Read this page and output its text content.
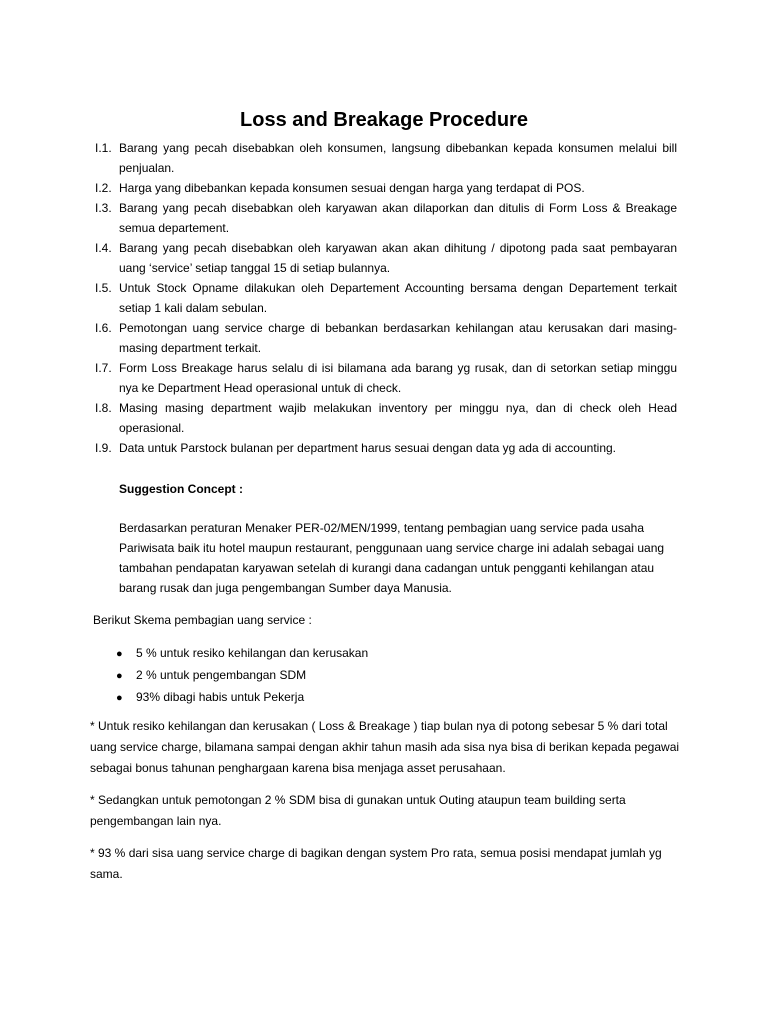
Loss and Breakage Procedure
I.1. Barang yang pecah disebabkan oleh konsumen, langsung dibebankan kepada konsumen melalui bill penjualan.
I.2. Harga yang dibebankan kepada konsumen sesuai dengan harga yang terdapat di POS.
I.3. Barang yang pecah disebabkan oleh karyawan akan dilaporkan dan ditulis di Form Loss & Breakage semua departement.
I.4. Barang yang pecah disebabkan oleh karyawan akan akan dihitung / dipotong pada saat pembayaran uang ‘service’ setiap tanggal 15 di setiap bulannya.
I.5. Untuk Stock Opname dilakukan oleh Departement Accounting bersama dengan Departement terkait setiap 1 kali dalam sebulan.
I.6. Pemotongan uang service charge di bebankan berdasarkan kehilangan atau kerusakan dari masing-masing department terkait.
I.7. Form Loss Breakage harus selalu di isi bilamana ada barang yg rusak, dan di setorkan setiap minggu nya ke Department Head operasional untuk di check.
I.8. Masing masing department wajib melakukan inventory per minggu nya, dan di check oleh Head operasional.
I.9. Data untuk Parstock bulanan per department harus sesuai dengan data yg ada di accounting.
Suggestion Concept :

Berdasarkan peraturan Menaker PER-02/MEN/1999, tentang pembagian uang service pada usaha Pariwisata baik itu hotel maupun restaurant, penggunaan uang service charge ini adalah sebagai uang tambahan pendapatan karyawan setelah di kurangi dana cadangan untuk pengganti kehilangan atau barang rusak dan juga pengembangan Sumber daya Manusia.

Berikut Skema pembagian uang service :
●	5 % untuk resiko kehilangan dan kerusakan
●	2 % untuk pengembangan SDM
●	93% dibagi habis untuk Pekerja

* Untuk resiko kehilangan dan kerusakan ( Loss & Breakage ) tiap bulan nya di potong sebesar 5 % dari total uang service charge, bilamana sampai dengan akhir tahun masih ada sisa nya bisa di berikan kepada pegawai sebagai bonus tahunan penghargaan karena bisa menjaga asset perusahaan.

* Sedangkan untuk pemotongan 2 % SDM bisa di gunakan untuk Outing ataupun team building serta pengembangan lain nya.

* 93 % dari sisa uang service charge di bagikan dengan system Pro rata, semua posisi mendapat jumlah yg sama.
